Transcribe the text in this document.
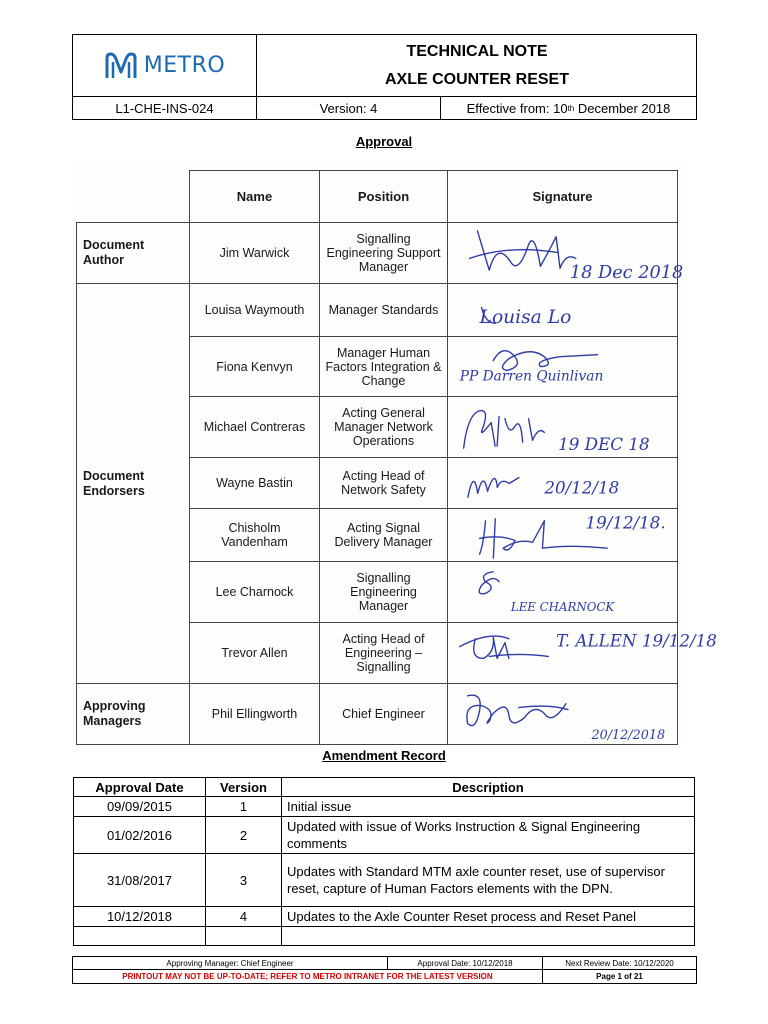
METRO
TECHNICAL NOTE
AXLE COUNTER RESET
L1-CHE-INS-024	Version: 4	Effective from: 10 th December 2018
Approval
	Name	Position	Signature
Document Author	Jim Warwick	Signalling Engineering Support Manager	18 Dec 2018

Document Endorsers	Louisa Waymouth	Manager Standards	Louisa Lo

	Fiona Kenvyn	Manager Human Factors Integration & Change	PP Darren Quinlivan

	Michael Contreras	Acting General Manager Network Operations	19 DEC 18

	Wayne Bastin	Acting Head of Network Safety	20/12/18

	Chisholm Vandenham	Acting Signal Delivery Manager	19/12/18.

	Lee Charnock	Signalling Engineering Manager	LEE CHARNOCK

	Trevor Allen	Acting Head of Engineering – Signalling	T. ALLEN 19/12/18

Approving Managers	Phil Ellingworth	Chief Engineer	20/12/2018
Amendment Record
Approval Date	Version	Description
09/09/2015	1	Initial issue
01/02/2016	2	Updated with issue of Works Instruction & Signal Engineering comments
31/08/2017	3	Updates with Standard MTM axle counter reset, use of supervisor reset, capture of Human Factors elements with the DPN.
10/12/2018	4	Updates to the Axle Counter Reset process and Reset Panel

Approving Manager: Chief Engineer	Approval Date: 10/12/2018	Next Review Date: 10/12/2020
PRINTOUT MAY NOT BE UP-TO-DATE; REFER TO METRO INTRANET FOR THE LATEST VERSION	Page 1 of 21
